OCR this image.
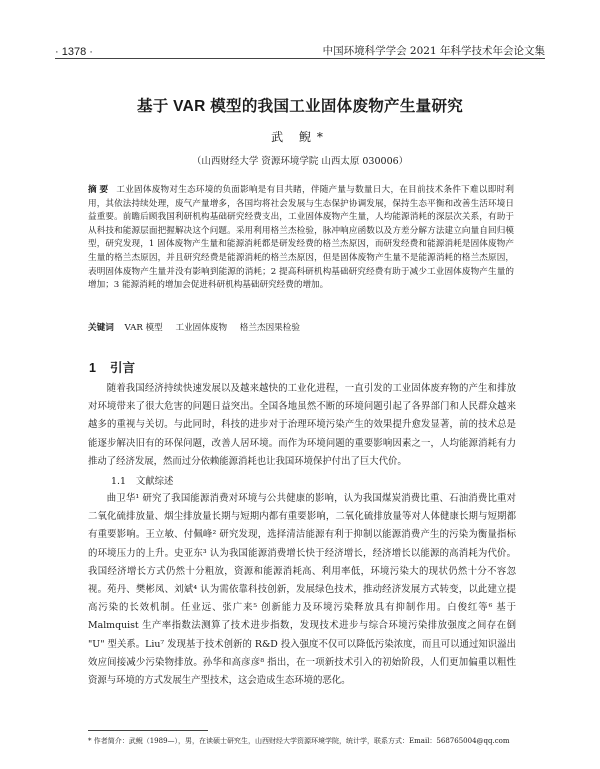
· 1378 ·	中国环境科学学会 2021 年科学技术年会论文集
基于 VAR 模型的我国工业固体废物产生量研究
武 鲵*
（山西财经大学 资源环境学院 山西太原 030006）
摘 要 工业固体废物对生态环境的负面影响是有目共睹，伴随产量与数量日大，在目前技术条件下难以即时利用，其依法持续处理，废气产量增多，各国均将社会发展与生态保护协调发展，保持生态平衡和改善生活环境日益重要。前瞻后顾我国利研机构基础研究经费支出，工业固体废物产生量，人均能源消耗的深层次关系，有助于从科技和能源层面把握解决这个问题。采用利用格兰杰检验，脉冲响应函数以及方差分解方法建立向量自回归模型，研究发现，1 固体废物产生量和能源消耗都是研发经费的格兰杰原因，而研发经费和能源消耗是固体废物产生量的格兰杰原因，并且研究经费是能源消耗的格兰杰原因，但是固体废物产生量不是能源消耗的格兰杰原因，表明固体废物产生量并没有影响到能源的消耗；2 提高科研机构基础研究经费有助于减少工业固体废物产生量的增加；3 能源消耗的增加会促进科研机构基础研究经费的增加。
关键词 VAR 模型 工业固体废物 格兰杰因果检验
1 引言
随着我国经济持续快速发展以及越来越快的工业化进程，一直引发的工业固体废弃物的产生和排放对环境带来了很大危害的问题日益突出。全国各地虽然不断的环境问题引起了各界部门和人民群众越来越多的重视与关切。与此同时，科技的进步对于治理环境污染产生的效果提升愈发显著，前的技术总是能逐步解决旧有的环保问题，改善人居环境。而作为环境问题的重要影响因素之一，人均能源消耗有力推动了经济发展，然而过分依赖能源消耗也让我国环境保护付出了巨大代价。
1.1 文献综述
曲卫华¹ 研究了我国能源消费对环境与公共健康的影响，认为我国煤炭消费比重、石油消费比重对二氧化硫排放量、烟尘排放量长期与短期内都有重要影响，二氧化硫排放量等对人体健康长期与短期都有重要影响。王立敏、付佩峰² 研究发现，选择清洁能源有利于抑制以能源消费产生的污染为衡量指标的环境压力的上升。史亚东³ 认为我国能源消费增长快于经济增长，经济增长以能源的高消耗为代价。我国经济增长方式仍然十分粗放，资源和能源消耗高、利用率低，环境污染大的现状仍然十分不容忽视。苑丹、樊彬凤、刘斌⁴ 认为需依靠科技创新，发展绿色技术，推动经济发展方式转变，以此建立提高污染的长效机制。任业远、张广来⁵ 创新能力及环境污染释放具有抑制作用。白俊红等⁶ 基于 Malmquist 生产率指数法测算了技术进步指数，发现技术进步与综合环境污染排放强度之间存在倒 "U" 型关系。Liu⁷ 发现基于技术创新的 R&D 投入强度不仅可以降低污染浓度，而且可以通过知识溢出效应间接减少污染物排放。孙华和高彦彦⁸ 指出，在一项新技术引入的初始阶段，人们更加偏重以粗性资源与环境的方式发展生产型技术，这会造成生态环境的恶化。
* 作者简介：武鲵（1989—），男，在读硕士研究生，山西财经大学资源环境学院，统计学，联系方式：Email：568765004@qq.com
